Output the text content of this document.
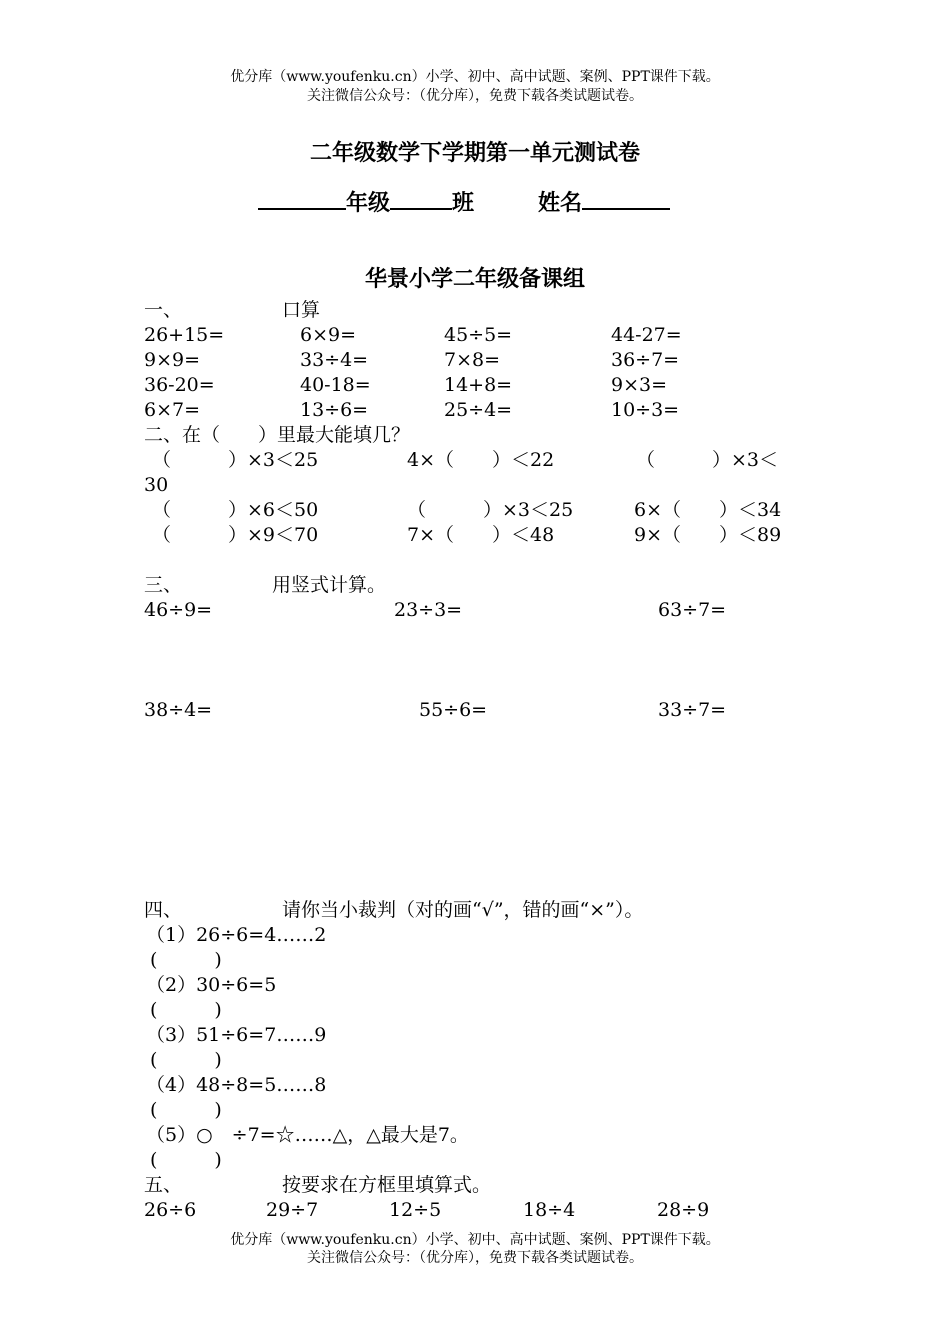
优分库（www.youfenku.cn）小学、初中、高中试题、案例、PPT课件下载。
关注微信公众号：（优分库），免费下载各类试题试卷。
二年级数学下学期第一单元测试卷
年级	班	姓名
华景小学二年级备课组
一、	口算
26+15=	6×9=	45÷5=	44-27=
9×9=	33÷4=	7×8=	36÷7=
36-20=	40-18=	14+8=	9×3=
6×7=	13÷6=	25÷4=	10÷3=
二、在（　　）里最大能填几？
（　　　）×3＜25	4×（　　）＜22	（　　　）×3＜
30
（　　　）×6＜50	（　　　）×3＜25	6×（　　）＜34
（　　　）×9＜70	7×（　　）＜48	9×（　　）＜89
三、	用竖式计算。
46÷9=	23÷3=	63÷7=
38÷4=	55÷6=	33÷7=
四、	请你当小裁判（对的画“√”，错的画“×”）。
（1）26÷6=4……2
(　　　)
（2）30÷6=5
(　　　)
（3）51÷6=7……9
(　　　)
（4）48÷8=5……8
(　　　)
（5）○　÷7=☆……△，△最大是7。
(　　　)
五、	按要求在方框里填算式。
26÷6	29÷7	12÷5	18÷4	28÷9
优分库（www.youfenku.cn）小学、初中、高中试题、案例、PPT课件下载。
关注微信公众号：（优分库），免费下载各类试题试卷。
